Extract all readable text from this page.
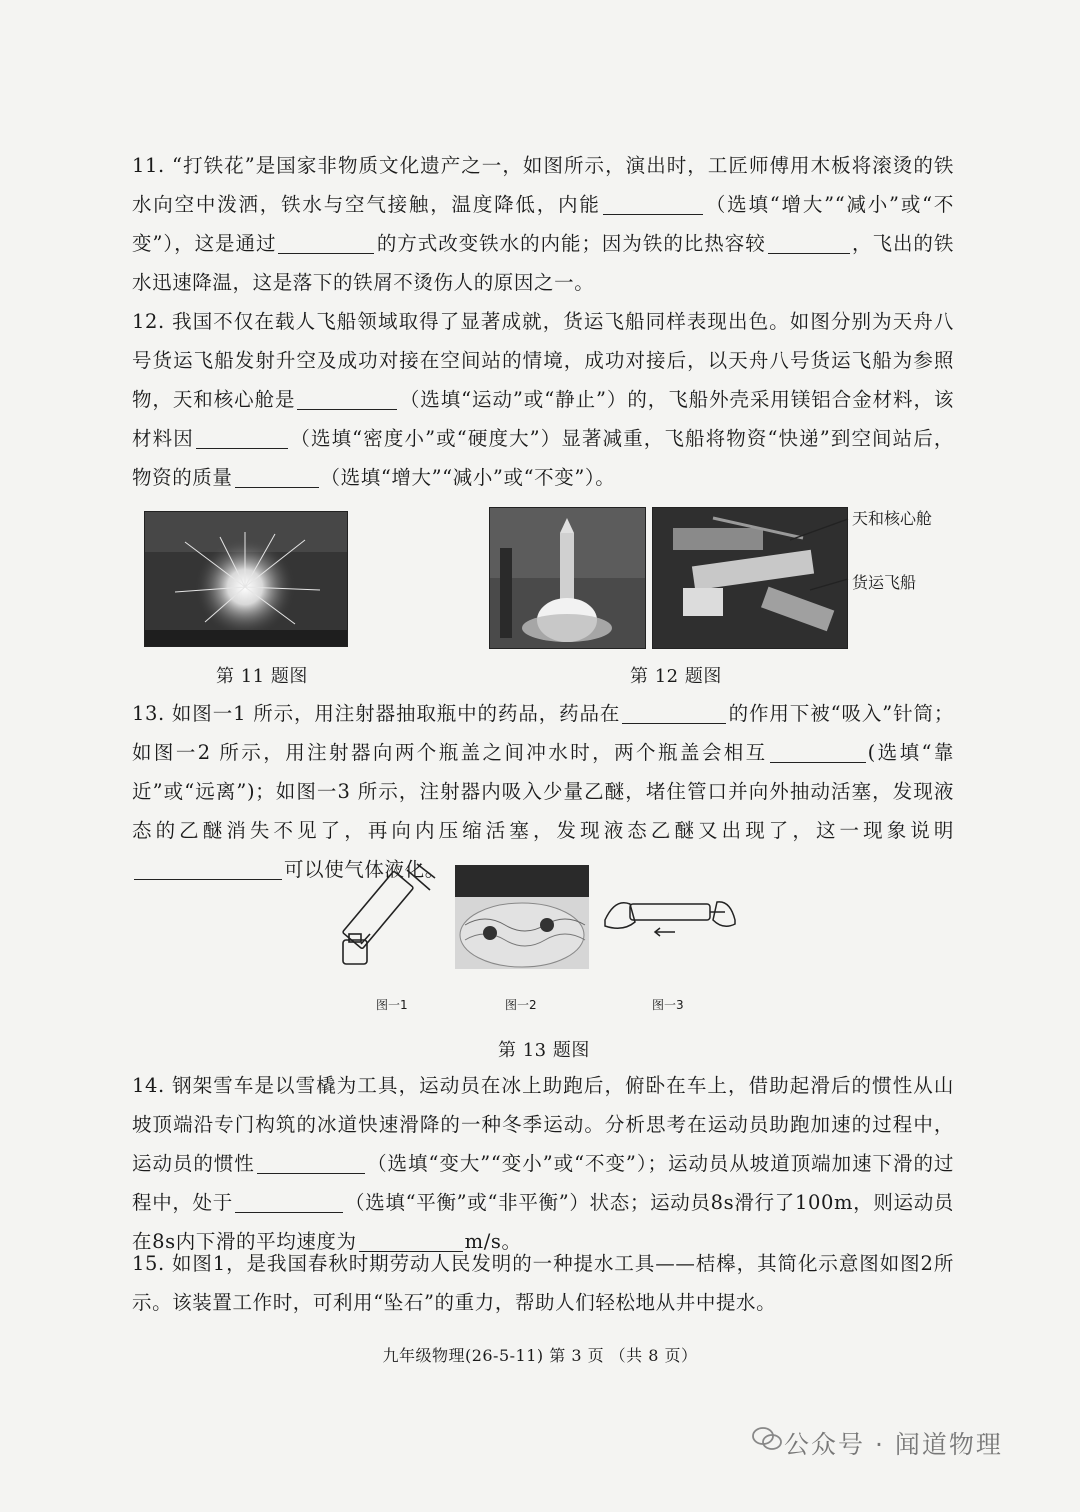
11. “打铁花”是国家非物质文化遗产之一，如图所示，演出时，工匠师傅用木板将滚烫的铁水向空中泼洒，铁水与空气接触，温度降低，内能	（选填“增大”“减小”或“不变”），这是通过	的方式改变铁水的内能；因为铁的比热容较	，飞出的铁水迅速降温，这是落下的铁屑不烫伤人的原因之一。
12. 我国不仅在载人飞船领域取得了显著成就，货运飞船同样表现出色。如图分别为天舟八号货运飞船发射升空及成功对接在空间站的情境，成功对接后，以天舟八号货运飞船为参照物，天和核心舱是	（选填“运动”或“静止”）的，飞船外壳采用镁铝合金材料，该材料因	（选填“密度小”或“硬度大”）显著减重，飞船将物资“快递”到空间站后，物资的质量	（选填“增大”“减小”或“不变”）。
第 11 题图
天和核心舱
货运飞船
第 12 题图
13. 如图一1 所示，用注射器抽取瓶中的药品，药品在	的作用下被“吸入”针筒；如图一2 所示，用注射器向两个瓶盖之间冲水时，两个瓶盖会相互	(选填“靠近”或“远离”)；如图一3 所示，注射器内吸入少量乙醚，堵住管口并向外抽动活塞，发现液态的乙醚消失不见了，再向内压缩活塞，发现液态乙醚又出现了，这一现象说明可以使气体液化。
图一1	图一2	图一3
第 13 题图
14. 钢架雪车是以雪橇为工具，运动员在冰上助跑后，俯卧在车上，借助起滑后的惯性从山坡顶端沿专门构筑的冰道快速滑降的一种冬季运动。分析思考在运动员助跑加速的过程中，运动员的惯性	（选填“变大”“变小”或“不变”）；运动员从坡道顶端加速下滑的过程中，处于	（选填“平衡”或“非平衡”）状态；运动员8s滑行了100m，则运动员在8s内下滑的平均速度为	m/s。
15. 如图1，是我国春秋时期劳动人民发明的一种提水工具——桔槔，其简化示意图如图2所示。该装置工作时，可利用“坠石”的重力，帮助人们轻松地从井中提水。
九年级物理(26-5-11) 第 3 页 （共 8 页）
公众号 · 闻道物理
